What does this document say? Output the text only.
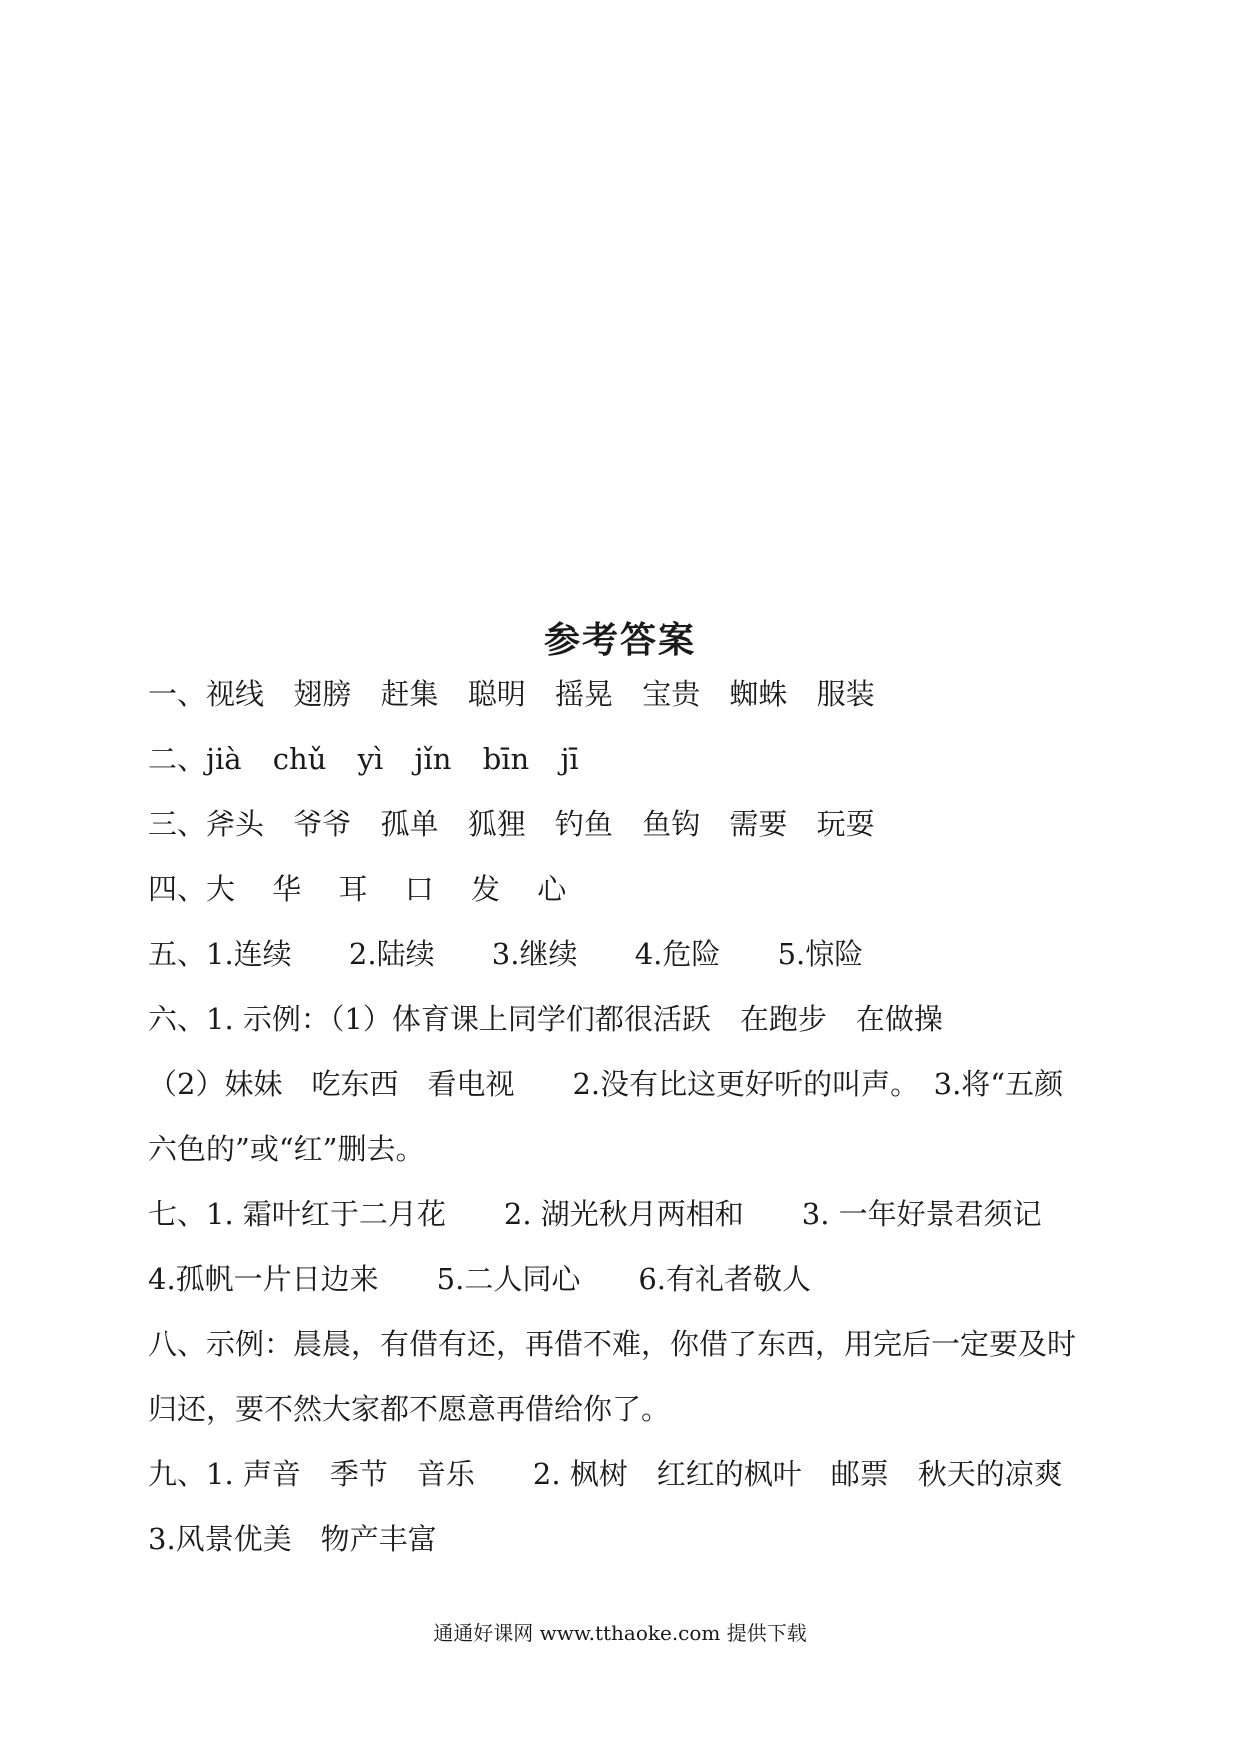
参考答案
一、视线 翅膀 赶集 聪明 摇晃 宝贵 蜘蛛 服装
二、jià chǔ yì jǐn bīn jī
三、斧头 爷爷 孤单 狐狸 钓鱼 鱼钩 需要 玩耍
四、大 华 耳 口 发 心
五、1.连续 2.陆续 3.继续 4.危险 5.惊险
六、1. 示例：（1）体育课上同学们都很活跃　在跑步　在做操
（2）妹妹　吃东西　看电视　　2.没有比这更好听的叫声。　3.将“五颜
六色的”或“红”删去。
七、1. 霜叶红于二月花　　2. 湖光秋月两相和　　3. 一年好景君须记
4.孤帆一片日边来　　5.二人同心　　6.有礼者敬人
八、示例：晨晨，有借有还，再借不难，你借了东西，用完后一定要及时
归还，要不然大家都不愿意再借给你了。
九、1. 声音　季节　音乐　　2. 枫树　红红的枫叶　邮票　秋天的凉爽
3.风景优美　物产丰富
通通好课网 www.tthaoke.com 提供下载
